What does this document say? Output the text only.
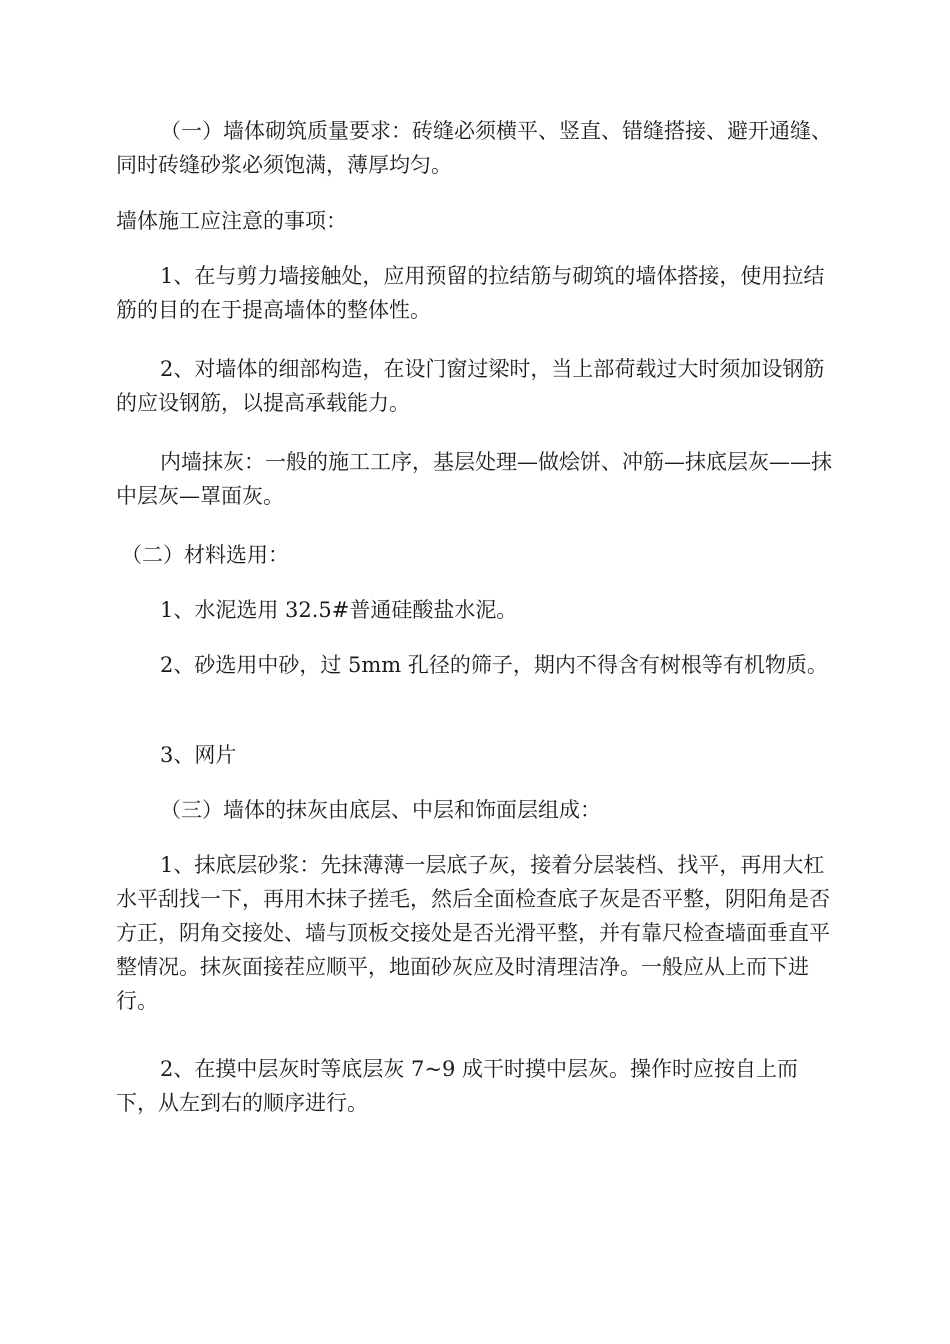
（一）墙体砌筑质量要求：砖缝必须横平、竖直、错缝搭接、避开通缝、同时砖缝砂浆必须饱满，薄厚均匀。

墙体施工应注意的事项：

1、在与剪力墙接触处，应用预留的拉结筋与砌筑的墙体搭接，使用拉结筋的目的在于提高墙体的整体性。

2、对墙体的细部构造，在设门窗过梁时，当上部荷载过大时须加设钢筋的应设钢筋，以提高承载能力。

内墙抹灰：一般的施工工序，基层处理—做烩饼、冲筋—抹底层灰——抹中层灰—罩面灰。

（二）材料选用：

1、水泥选用 32.5#普通硅酸盐水泥。

2、砂选用中砂，过 5mm 孔径的筛子，期内不得含有树根等有机物质。

3、网片

（三）墙体的抹灰由底层、中层和饰面层组成：

1、抹底层砂浆：先抹薄薄一层底子灰，接着分层装档、找平，再用大杠水平刮找一下，再用木抹子搓毛，然后全面检查底子灰是否平整，阴阳角是否方正，阴角交接处、墙与顶板交接处是否光滑平整，并有靠尺检查墙面垂直平整情况。抹灰面接茬应顺平，地面砂灰应及时清理洁净。一般应从上而下进行。

2、在摸中层灰时等底层灰 7~9 成干时摸中层灰。操作时应按自上而下，从左到右的顺序进行。
